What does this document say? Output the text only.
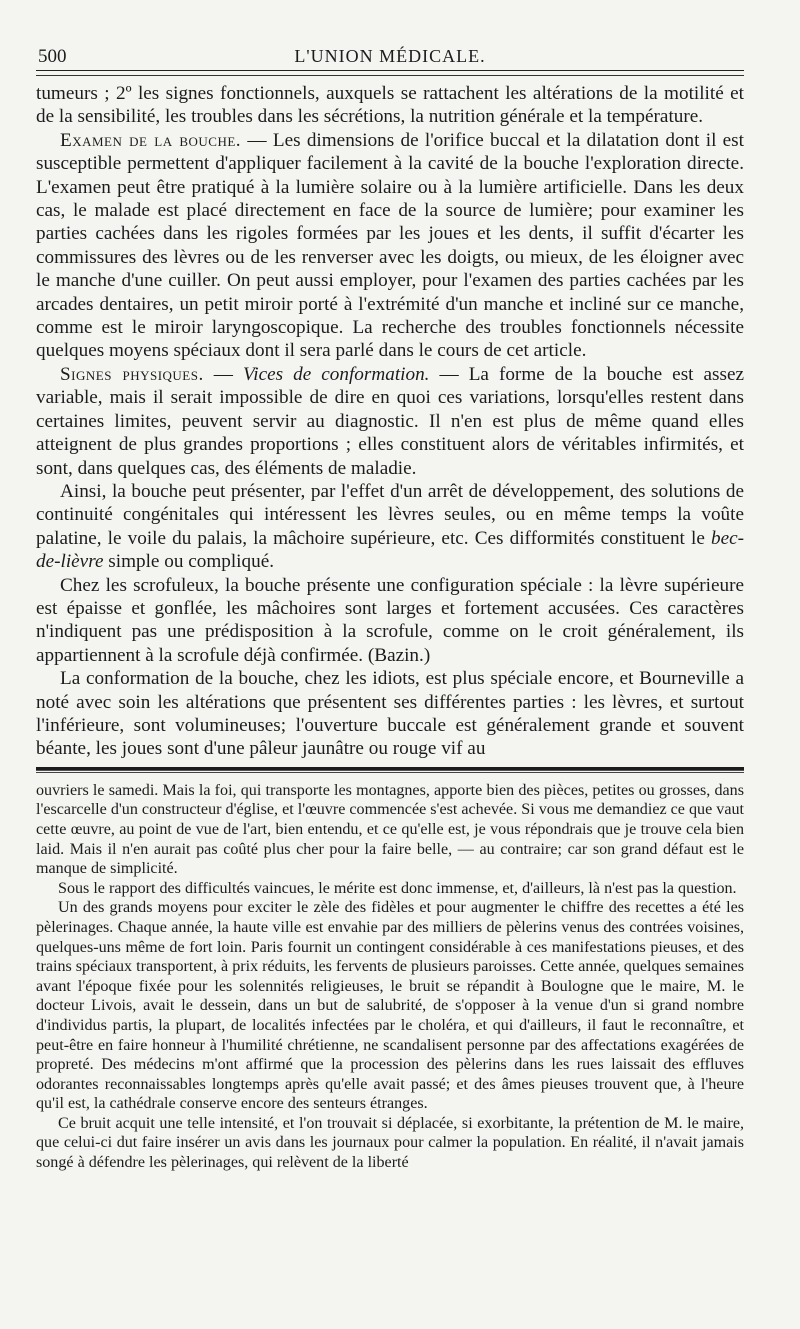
500	L'UNION MÉDICALE.

tumeurs ; 2º les signes fonctionnels, auxquels se rattachent les altérations de la motilité et de la sensibilité, les troubles dans les sécrétions, la nutrition générale et la température.

Examen de la bouche. — Les dimensions de l'orifice buccal et la dilatation dont il est susceptible permettent d'appliquer facilement à la cavité de la bouche l'exploration directe. L'examen peut être pratiqué à la lumière solaire ou à la lumière artificielle. Dans les deux cas, le malade est placé directement en face de la source de lumière; pour examiner les parties cachées dans les rigoles formées par les joues et les dents, il suffit d'écarter les commissures des lèvres ou de les renverser avec les doigts, ou mieux, de les éloigner avec le manche d'une cuiller. On peut aussi employer, pour l'examen des parties cachées par les arcades dentaires, un petit miroir porté à l'extrémité d'un manche et incliné sur ce manche, comme est le miroir laryngoscopique. La recherche des troubles fonctionnels nécessite quelques moyens spéciaux dont il sera parlé dans le cours de cet article.

Signes physiques. — Vices de conformation. — La forme de la bouche est assez variable, mais il serait impossible de dire en quoi ces variations, lorsqu'elles restent dans certaines limites, peuvent servir au diagnostic. Il n'en est plus de même quand elles atteignent de plus grandes proportions ; elles constituent alors de véritables infirmités, et sont, dans quelques cas, des éléments de maladie.

Ainsi, la bouche peut présenter, par l'effet d'un arrêt de développement, des solutions de continuité congénitales qui intéressent les lèvres seules, ou en même temps la voûte palatine, le voile du palais, la mâchoire supérieure, etc. Ces difformités constituent le bec-de-lièvre simple ou compliqué.

Chez les scrofuleux, la bouche présente une configuration spéciale : la lèvre supérieure est épaisse et gonflée, les mâchoires sont larges et fortement accusées. Ces caractères n'indiquent pas une prédisposition à la scrofule, comme on le croit généralement, ils appartiennent à la scrofule déjà confirmée. (Bazin.)

La conformation de la bouche, chez les idiots, est plus spéciale encore, et Bourneville a noté avec soin les altérations que présentent ses différentes parties : les lèvres, et surtout l'inférieure, sont volumineuses; l'ouverture buccale est généralement grande et souvent béante, les joues sont d'une pâleur jaunâtre ou rouge vif au

ouvriers le samedi. Mais la foi, qui transporte les montagnes, apporte bien des pièces, petites ou grosses, dans l'escarcelle d'un constructeur d'église, et l'œuvre commencée s'est achevée. Si vous me demandiez ce que vaut cette œuvre, au point de vue de l'art, bien entendu, et ce qu'elle est, je vous répondrais que je trouve cela bien laid. Mais il n'en aurait pas coûté plus cher pour la faire belle, — au contraire; car son grand défaut est le manque de simplicité.

Sous le rapport des difficultés vaincues, le mérite est donc immense, et, d'ailleurs, là n'est pas la question.

Un des grands moyens pour exciter le zèle des fidèles et pour augmenter le chiffre des recettes a été les pèlerinages. Chaque année, la haute ville est envahie par des milliers de pèlerins venus des contrées voisines, quelques-uns même de fort loin. Paris fournit un contingent considérable à ces manifestations pieuses, et des trains spéciaux transportent, à prix réduits, les fervents de plusieurs paroisses. Cette année, quelques semaines avant l'époque fixée pour les solennités religieuses, le bruit se répandit à Boulogne que le maire, M. le docteur Livois, avait le dessein, dans un but de salubrité, de s'opposer à la venue d'un si grand nombre d'individus partis, la plupart, de localités infectées par le choléra, et qui d'ailleurs, il faut le reconnaître, et peut-être en faire honneur à l'humilité chrétienne, ne scandalisent personne par des affectations exagérées de propreté. Des médecins m'ont affirmé que la procession des pèlerins dans les rues laissait des effluves odorantes reconnaissables longtemps après qu'elle avait passé; et des âmes pieuses trouvent que, à l'heure qu'il est, la cathédrale conserve encore des senteurs étranges.

Ce bruit acquit une telle intensité, et l'on trouvait si déplacée, si exorbitante, la prétention de M. le maire, que celui-ci dut faire insérer un avis dans les journaux pour calmer la population. En réalité, il n'avait jamais songé à défendre les pèlerinages, qui relèvent de la liberté
